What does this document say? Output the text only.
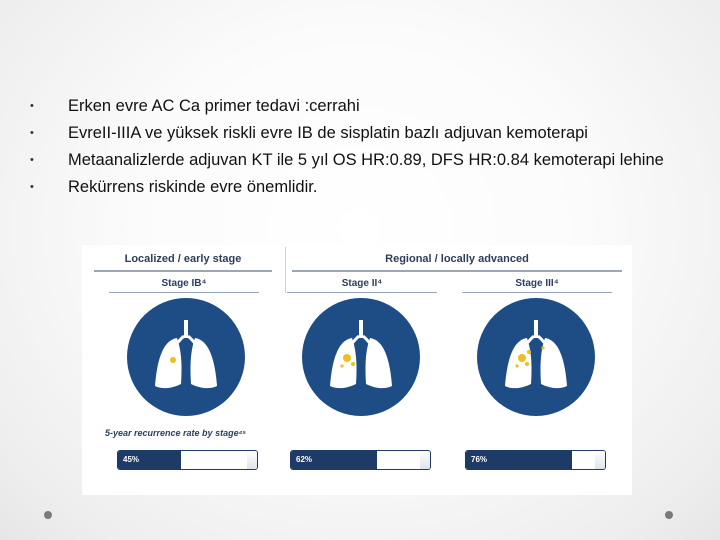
• Erken evre AC Ca primer tedavi :cerrahi
• EvreII-IIIA ve yüksek riskli evre IB de sisplatin bazlı adjuvan kemoterapi
• Metaanalizlerde adjuvan KT ile 5 yıl OS HR:0.89, DFS HR:0.84 kemoterapi lehine
• Rekürrens riskinde evre önemlidir.
Localized / early stage	Regional / locally advanced
Stage IB⁴	Stage II⁴	Stage III⁴
5-year recurrence rate by stage⁴⁵
45%	62%	76%
